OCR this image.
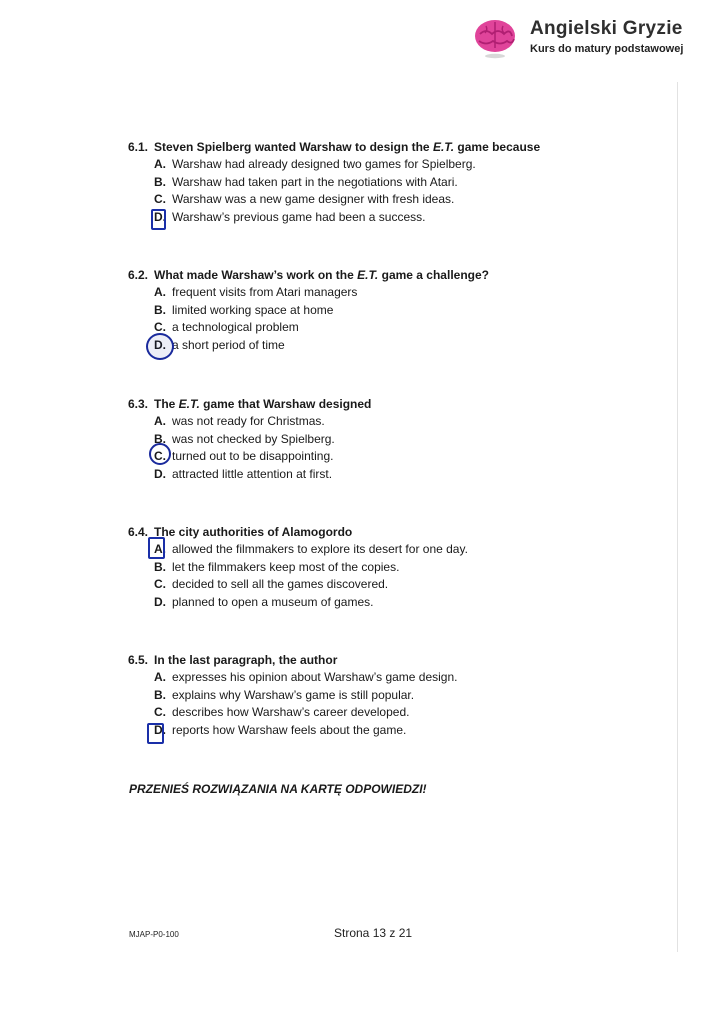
Angielski Gryzie
Kurs do matury podstawowej
6.1. Steven Spielberg wanted Warshaw to design the E.T. game because
A. Warshaw had already designed two games for Spielberg.
B. Warshaw had taken part in the negotiations with Atari.
C. Warshaw was a new game designer with fresh ideas.
D. Warshaw’s previous game had been a success.
6.2. What made Warshaw’s work on the E.T. game a challenge?
A. frequent visits from Atari managers
B. limited working space at home
C. a technological problem
D. a short period of time
6.3. The E.T. game that Warshaw designed
A. was not ready for Christmas.
B. was not checked by Spielberg.
C. turned out to be disappointing.
D. attracted little attention at first.
6.4. The city authorities of Alamogordo
A. allowed the filmmakers to explore its desert for one day.
B. let the filmmakers keep most of the copies.
C. decided to sell all the games discovered.
D. planned to open a museum of games.
6.5. In the last paragraph, the author
A. expresses his opinion about Warshaw’s game design.
B. explains why Warshaw’s game is still popular.
C. describes how Warshaw’s career developed.
D. reports how Warshaw feels about the game.
PRZENIEŚ ROZWIĄZANIA NA KARTĘ ODPOWIEDZI!
MJAP-P0-100	Strona 13 z 21
